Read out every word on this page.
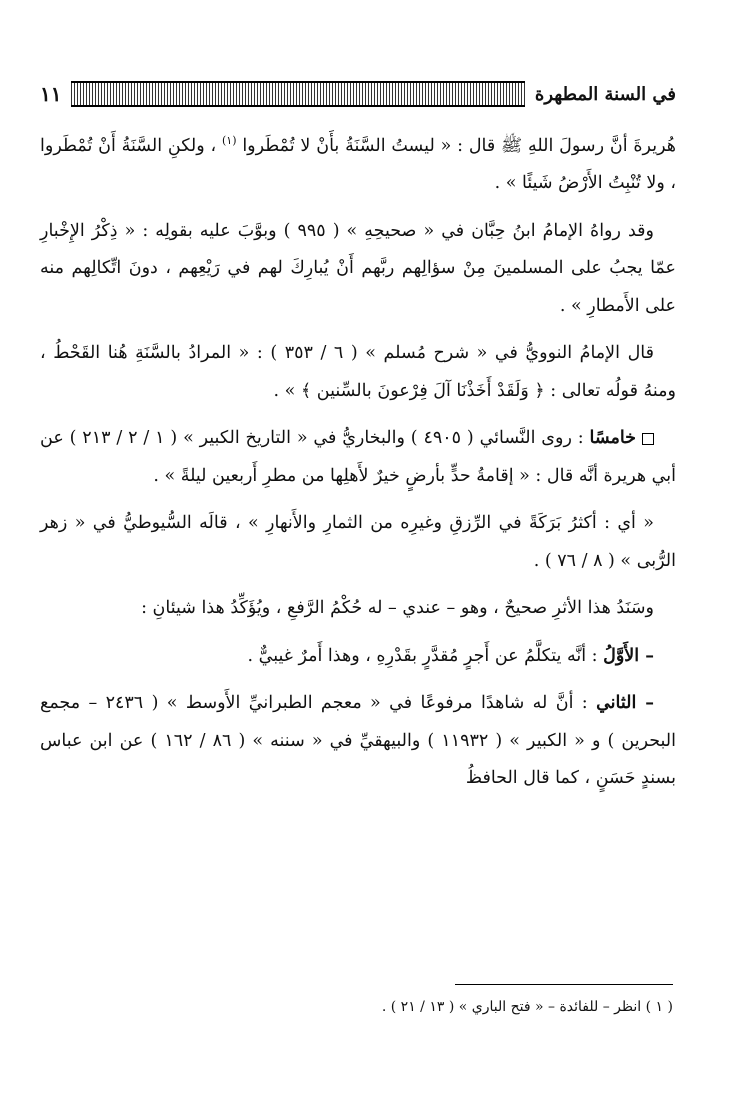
في السنة المطهرة
١١

هُريرةَ أنَّ رسولَ اللهِ ﷺ قال : « ليستُ السَّنَةُ بأَنْ لا تُمْطَروا $^{(١)}$ ، ولكنِ السَّنَةُ أَنْ تُمْطَروا ، ولا تُنْبِتُ الأَرْضُ شَيئًا » .

وقد رواهُ الإمامُ ابنُ حِبَّان في « صحيحِهِ » ( ٩٩٥ ) وبوَّبَ عليه بقولِه : « ذِكْرُ الإِخْبارِ عمّا يجبُ على المسلمينَ مِنْ سؤالِهم ربَّهم أَنْ يُبارِكَ لهم في رَيْعِهم ، دونَ اتِّكالِهم منه على الأَمطارِ » .

قال الإمامُ النوويُّ في « شرح مُسلم » ( ٦ / ٣٥٣ ) : « المرادُ بالسَّنَةِ هُنا القَحْطُ ، ومنهُ قولُه تعالى : ﴿ وَلَقَدْ أَخَذْنَا آلَ فِرْعونَ بالسِّنين ﴾ » .

خامسًا : روى النَّسائي ( ٤٩٠٥ ) والبخاريُّ في « التاريخ الكبير » ( ١ / ٢ / ٢١٣ ) عن أبي هريرة أنَّه قال : « إقامةُ حدٍّ بأرضٍ خيرٌ لأَهلِها من مطرِ أَربعين ليلةً » .

« أي : أكثرُ بَرَكَةً في الرِّزقِ وغيرِه من الثمارِ والأَنهارِ » ، قالَه السُّيوطيُّ في « زهر الرُّبى » ( ٨ / ٧٦ ) .

وسَنَدُ هذا الأثرِ صحيحٌ ، وهو – عندي – له حُكْمُ الرَّفعِ ، ويُؤَكِّدُ هذا شيئانِ :

– الأَوَّلُ : أنَّه يتكلَّمُ عن أَجرٍ مُقدَّرٍ بقَدْرِهِ ، وهذا أَمرٌ غيبيٌّ .

– الثاني : أنَّ له شاهدًا مرفوعًا في « معجم الطبرانيِّ الأَوسط » ( ٢٤٣٦ – مجمع البحرين ) و « الكبير » ( ١١٩٣٢ ) والبيهقيِّ في « سننه » ( ٨٦ / ١٦٢ ) عن ابن عباس بسندٍ حَسَنٍ ، كما قال الحافظُ

( ١ ) انظر – للفائدة – « فتح الباري » ( ١٣ / ٢١ ) .
